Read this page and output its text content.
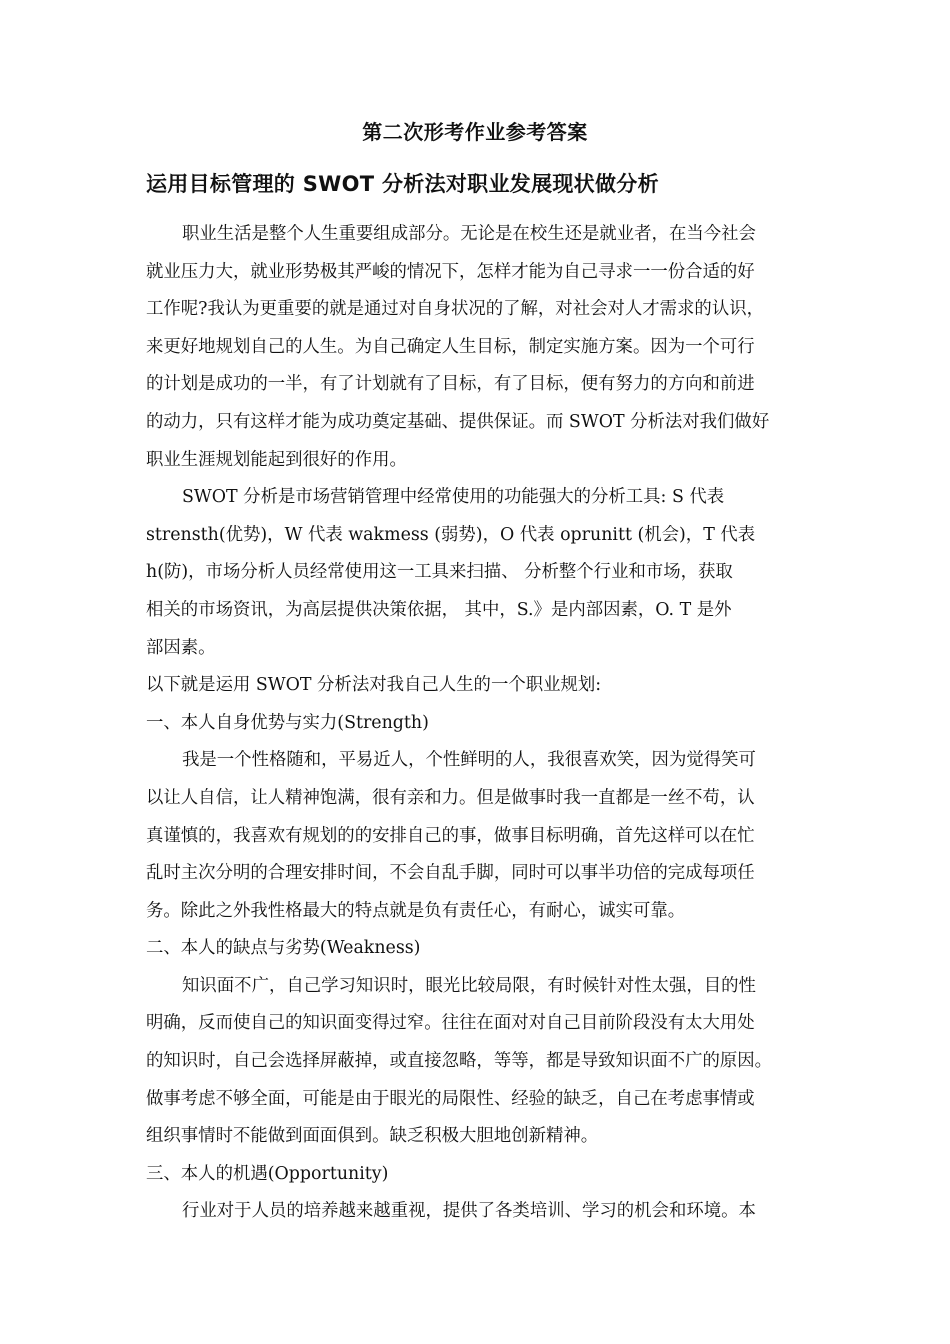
第二次形考作业参考答案
运用目标管理的 SWOT 分析法对职业发展现状做分析
职业生活是整个人生重要组成部分。无论是在校生还是就业者，在当今社会
就业压力大，就业形势极其严峻的情况下，怎样才能为自己寻求一一份合适的好
工作呢?我认为更重要的就是通过对自身状况的了解，对社会对人才需求的认识，
来更好地规划自己的人生。为自己确定人生目标，制定实施方案。因为一个可行
的计划是成功的一半，有了计划就有了目标，有了目标，便有努力的方向和前进
的动力，只有这样才能为成功奠定基础、提供保证。而 SWOT 分析法对我们做好
职业生涯规划能起到很好的作用。
SWOT 分析是市场营销管理中经常使用的功能强大的分析工具: S 代表
strensth(优势)，W 代表 wakmess (弱势)，O 代表 oprunitt (机会)，T 代表
h(防)，市场分析人员经常使用这一工具来扫描、 分析整个行业和市场，获取
相关的市场资讯，为高层提供决策依据， 其中，S.》是内部因素，O. T 是外
部因素。
以下就是运用 SWOT 分析法对我自己人生的一个职业规划:
一、本人自身优势与实力(Strength)
我是一个性格随和，平易近人，个性鲜明的人，我很喜欢笑，因为觉得笑可
以让人自信，让人精神饱满，很有亲和力。但是做事时我一直都是一丝不苟，认
真谨慎的，我喜欢有规划的的安排自己的事，做事目标明确，首先这样可以在忙
乱时主次分明的合理安排时间，不会自乱手脚，同时可以事半功倍的完成每项任
务。除此之外我性格最大的特点就是负有责任心，有耐心，诚实可靠。
二、本人的缺点与劣势(Weakness)
知识面不广，自己学习知识时，眼光比较局限，有时候针对性太强，目的性
明确，反而使自己的知识面变得过窄。往往在面对对自己目前阶段没有太大用处
的知识时，自己会选择屏蔽掉，或直接忽略，等等，都是导致知识面不广的原因。
做事考虑不够全面，可能是由于眼光的局限性、经验的缺乏，自己在考虑事情或
组织事情时不能做到面面俱到。缺乏积极大胆地创新精神。
三、本人的机遇(Opportunity)
行业对于人员的培养越来越重视，提供了各类培训、学习的机会和环境。本
